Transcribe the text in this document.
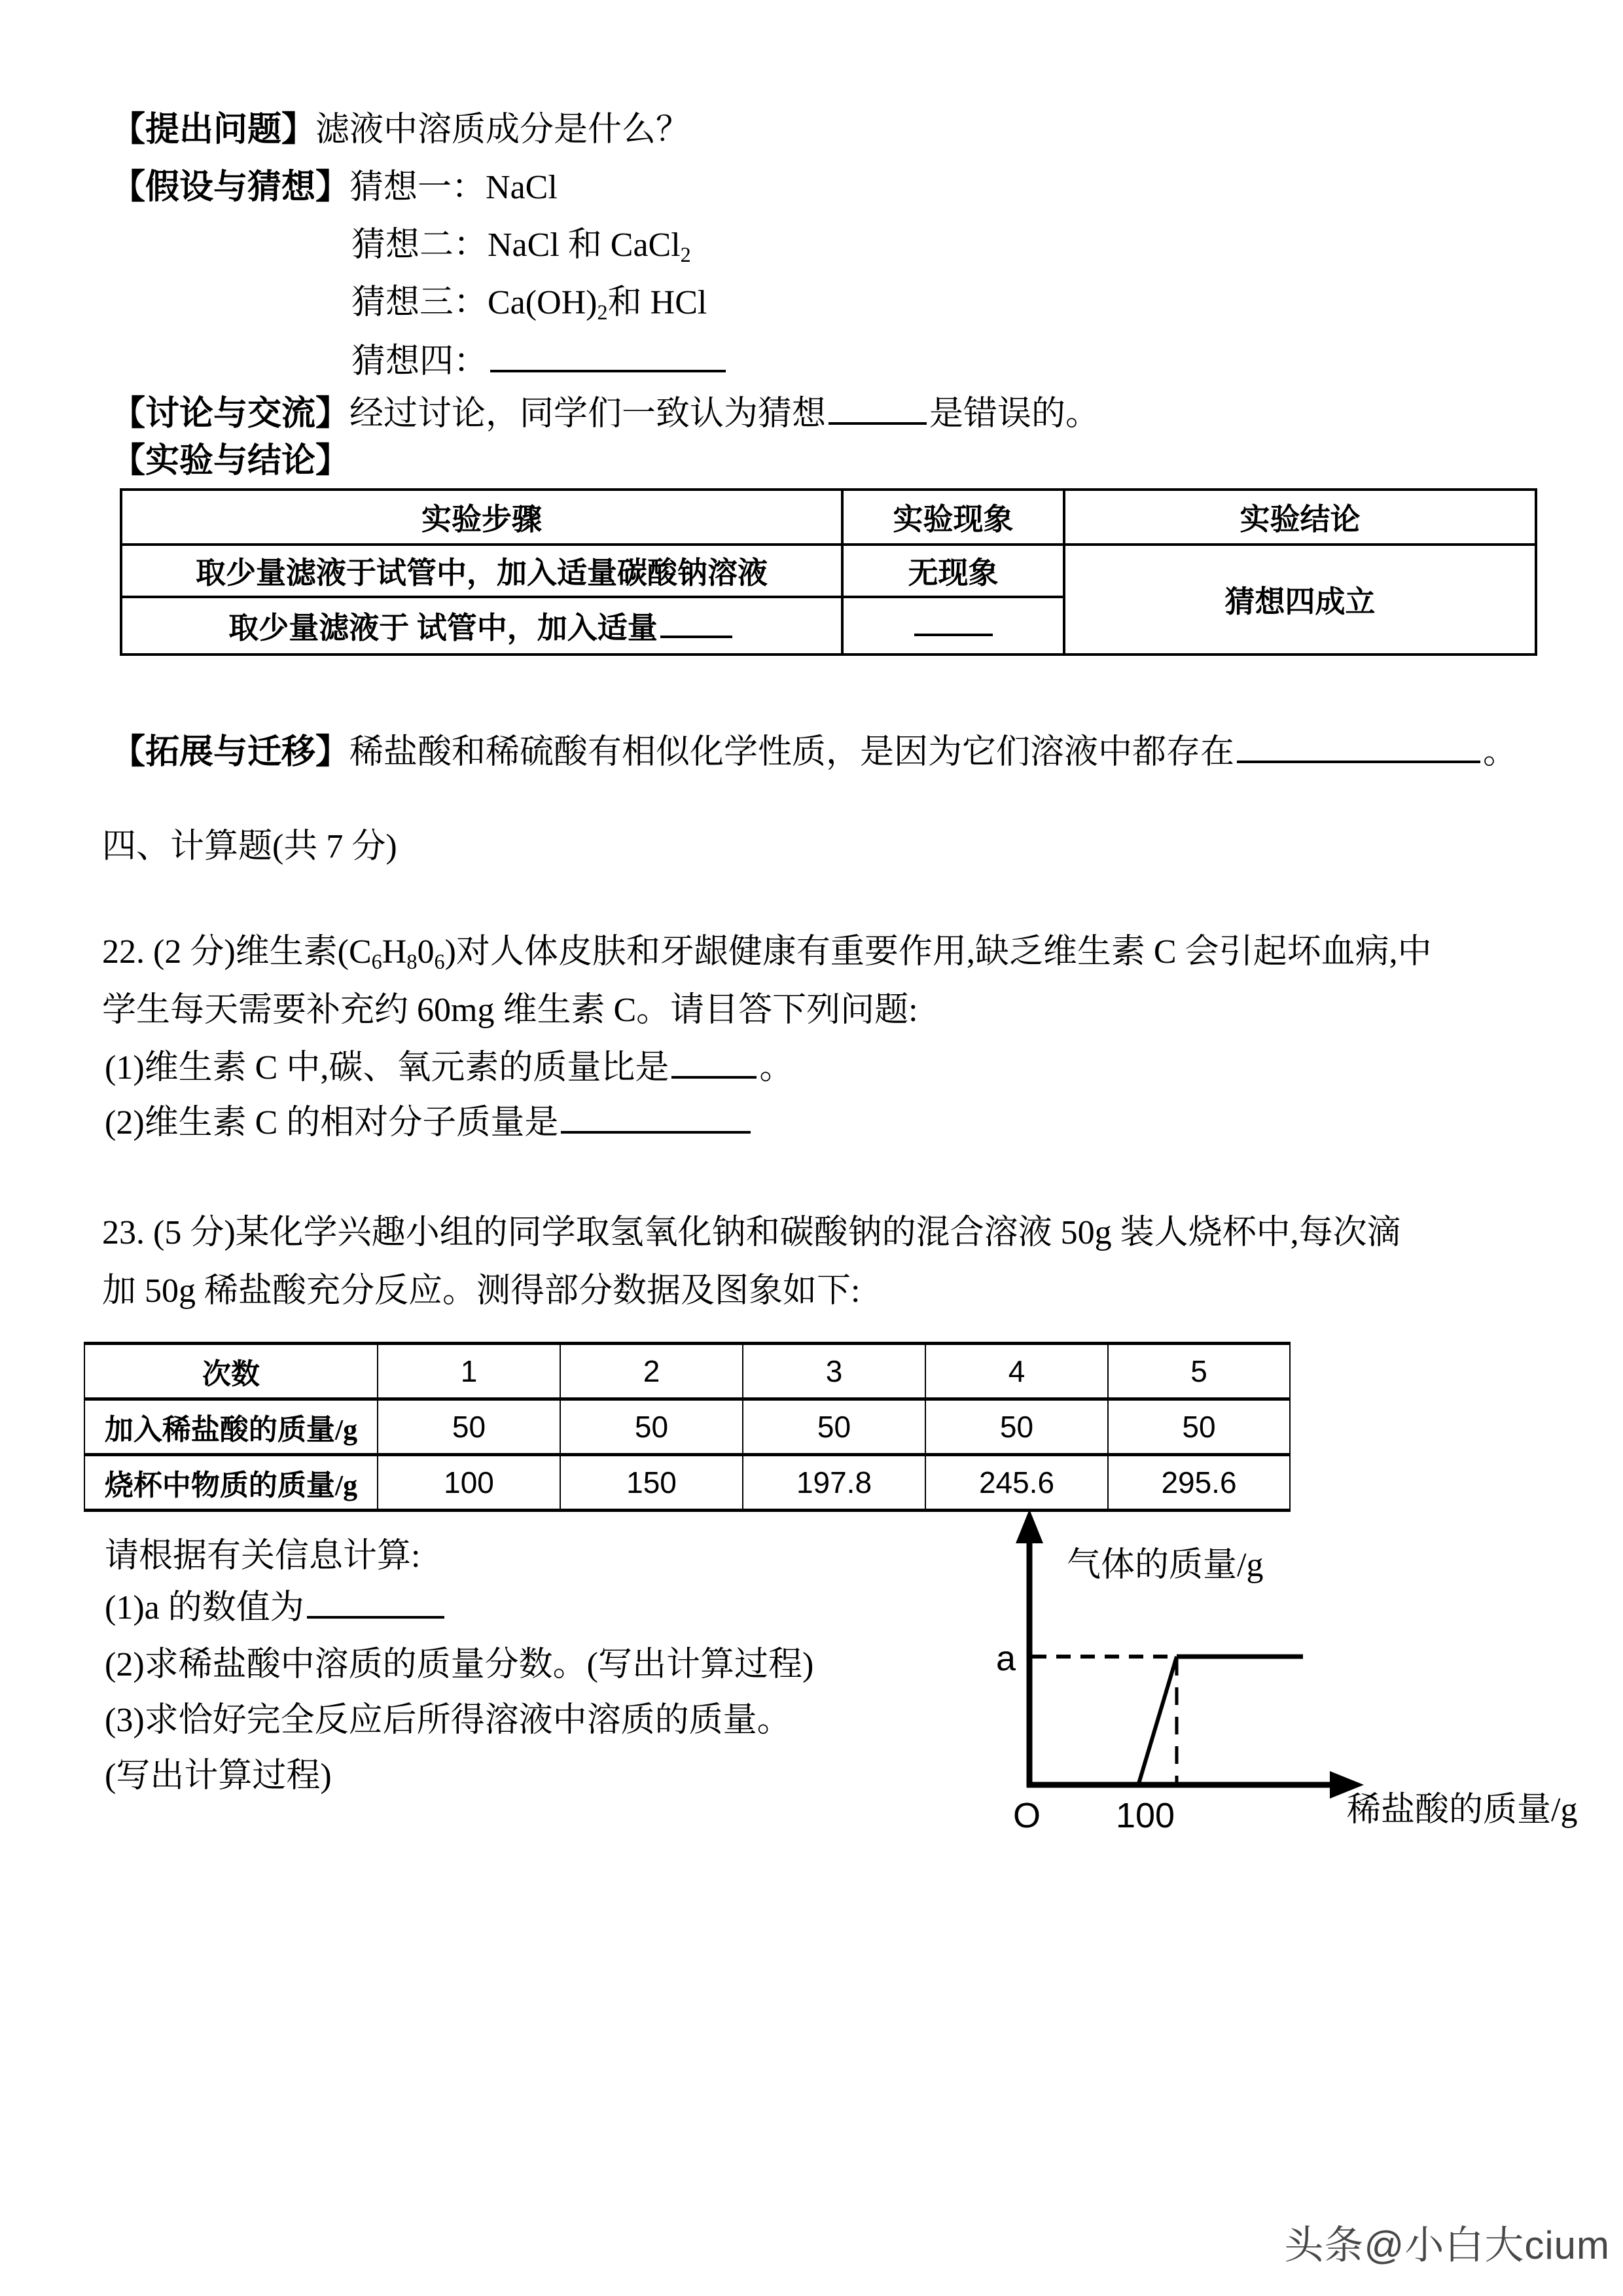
【提出问题】滤液中溶质成分是什么？
【假设与猜想】猜想一：NaCl
猜想二：NaCl 和 CaCl$_2$
猜想三：$Ca(OH)_2$和 HCl
猜想四：
【讨论与交流】经过讨论，同学们一致认为猜想	是错误的。
【实验与结论】
实验步骤	实验现象	实验结论
取少量滤液于试管中，加入适量碳酸钠溶液	无现象	猜想四成立
取少量滤液于 试管中，加入适量		
【拓展与迁移】稀盐酸和稀硫酸有相似化学性质，是因为它们溶液中都存在	。
四、计算题(共 7 分)
22. (2 分)维生素$(C_6H_80_6)$对人体皮肤和牙龈健康有重要作用,缺乏维生素 C 会引起坏血病,中
学生每天需要补充约 60mg 维生素 C。请目答下列问题:
(1)维生素 C 中,碳、氧元素的质量比是	。
(2)维生素 C 的相对分子质量是
23. (5 分)某化学兴趣小组的同学取氢氧化钠和碳酸钠的混合溶液 50g 装人烧杯中,每次滴
加 50g 稀盐酸充分反应。测得部分数据及图象如下:
次数	1	2	3	4	5
加入稀盐酸的质量/g	50	50	50	50	50
烧杯中物质的质量/g	100	150	197.8	245.6	295.6
请根据有关信息计算:
(1)a 的数值为
(2)求稀盐酸中溶质的质量分数。(写出计算过程)
(3)求恰好完全反应后所得溶液中溶质的质量。
(写出计算过程)
气体的质量/g
a
O 100	稀盐酸的质量/g
头条@小白大cium
